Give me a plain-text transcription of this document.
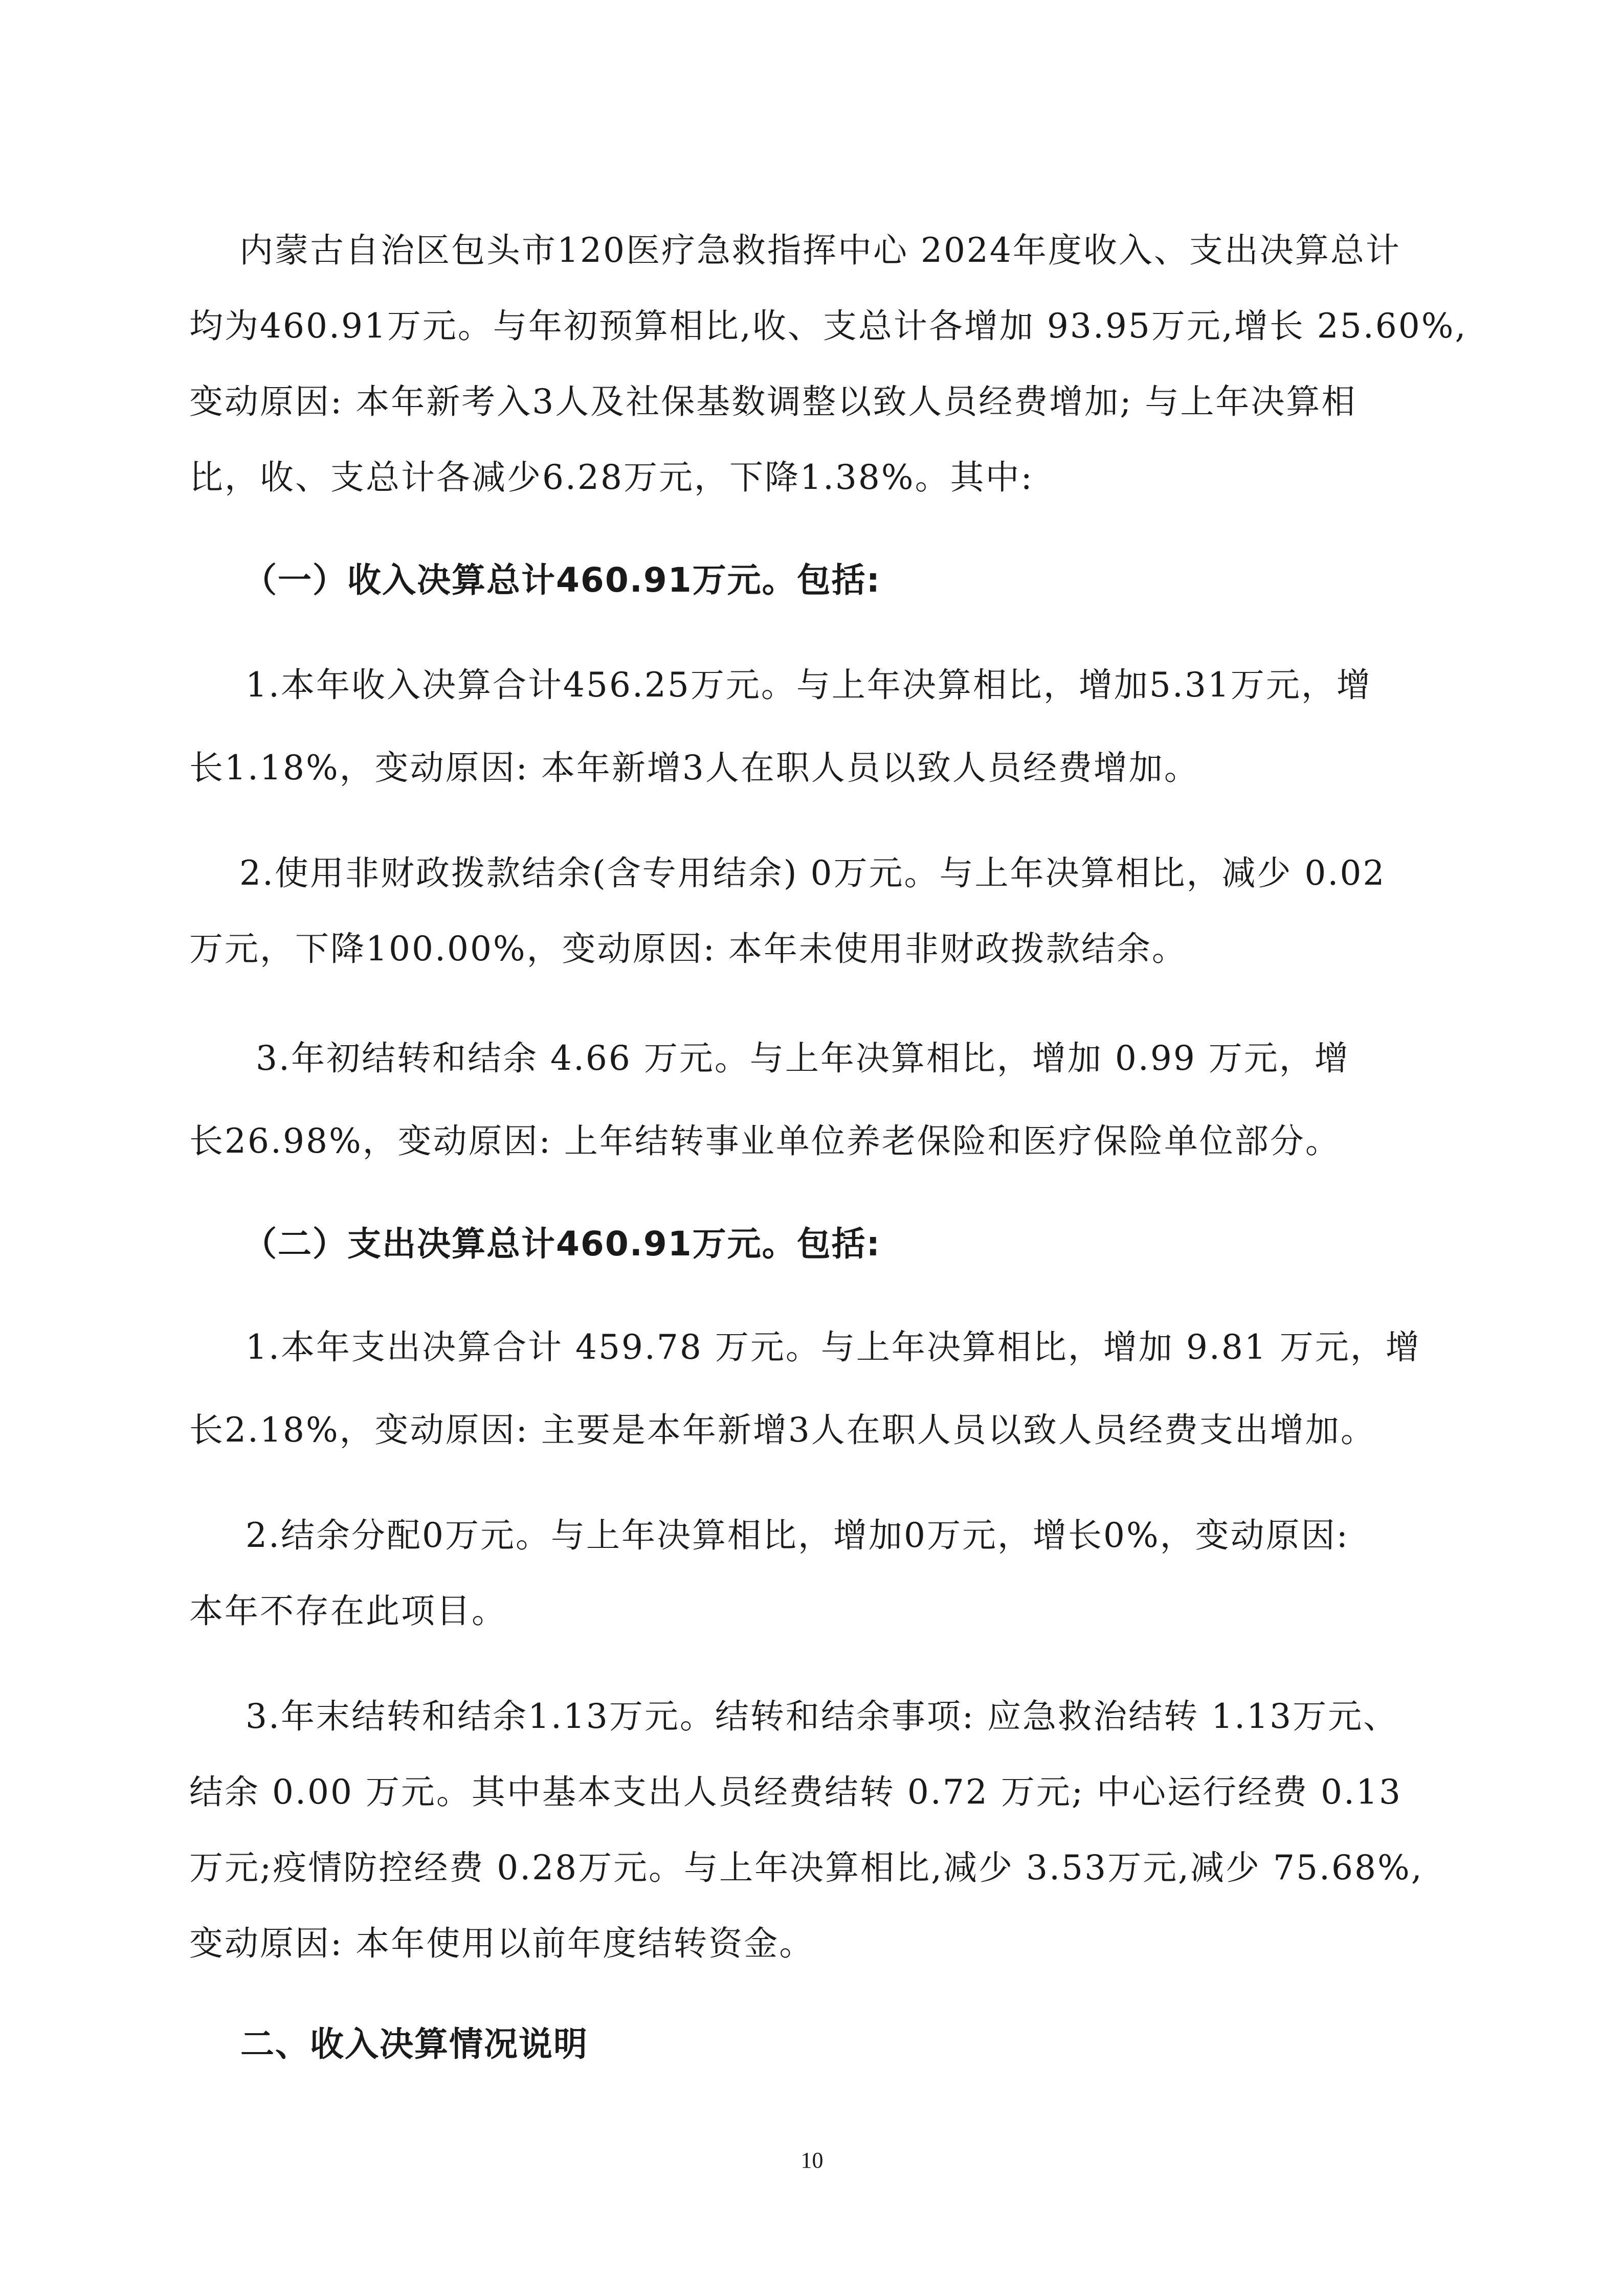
内蒙古自治区包头市120医疗急救指挥中心 2024年度收入、支出决算总计
均为460.91万元。与年初预算相比,收、支总计各增加 93.95万元,增长 25.60%,
变动原因: 本年新考入3人及社保基数调整以致人员经费增加; 与上年决算相
比，收、支总计各减少6.28万元，下降1.38%。其中:
（一）收入决算总计460.91万元。包括:
1.本年收入决算合计456.25万元。与上年决算相比，增加5.31万元，增
长1.18%，变动原因: 本年新增3人在职人员以致人员经费增加。
2.使用非财政拨款结余(含专用结余) 0万元。与上年决算相比，减少 0.02
万元，下降100.00%，变动原因: 本年未使用非财政拨款结余。
3.年初结转和结余 4.66 万元。与上年决算相比，增加 0.99 万元，增
长26.98%，变动原因: 上年结转事业单位养老保险和医疗保险单位部分。
（二）支出决算总计460.91万元。包括:
1.本年支出决算合计 459.78 万元。与上年决算相比，增加 9.81 万元，增
长2.18%，变动原因: 主要是本年新增3人在职人员以致人员经费支出增加。
2.结余分配0万元。与上年决算相比，增加0万元，增长0%，变动原因:
本年不存在此项目。
3.年末结转和结余1.13万元。结转和结余事项: 应急救治结转 1.13万元、
结余 0.00 万元。其中基本支出人员经费结转 0.72 万元; 中心运行经费 0.13
万元;疫情防控经费 0.28万元。与上年决算相比,减少 3.53万元,减少 75.68%,
变动原因: 本年使用以前年度结转资金。
二、收入决算情况说明
10
